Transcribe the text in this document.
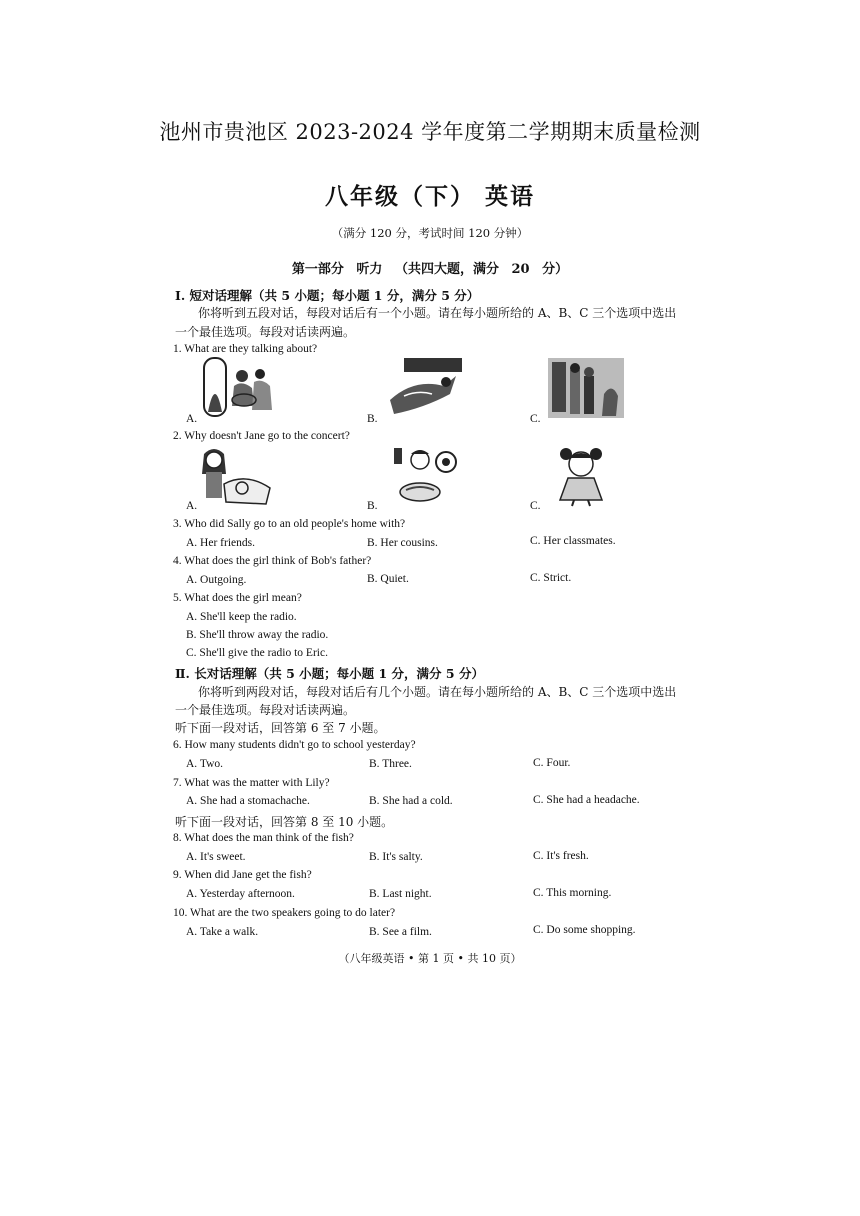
池州市贵池区 2023-2024 学年度第二学期期末质量检测
八年级（下） 英语
（满分 120 分，考试时间 120 分钟）
第一部分 听力 （共四大题，满分 20 分）
Ⅰ. 短对话理解（共 5 小题；每小题 1 分，满分 5 分）
你将听到五段对话，每段对话后有一个小题。请在每小题所给的 A、B、C 三个选项中选出
一个最佳选项。每段对话读两遍。
1. What are they talking about?
A.	B.	C.
2. Why doesn't Jane go to the concert?
A.	B.	C.
3. Who did Sally go to an old people's home with?
A. Her friends.	B. Her cousins.	C. Her classmates.
4. What does the girl think of Bob's father?
A. Outgoing.	B. Quiet.	C. Strict.
5. What does the girl mean?
A. She'll keep the radio.
B. She'll throw away the radio.
C. She'll give the radio to Eric.
Ⅱ. 长对话理解（共 5 小题；每小题 1 分，满分 5 分）
你将听到两段对话，每段对话后有几个小题。请在每小题所给的 A、B、C 三个选项中选出
一个最佳选项。每段对话读两遍。
听下面一段对话，回答第 6 至 7 小题。
6. How many students didn't go to school yesterday?
A. Two.	B. Three.	C. Four.
7. What was the matter with Lily?
A. She had a stomachache.	B. She had a cold.	C. She had a headache.
听下面一段对话，回答第 8 至 10 小题。
8. What does the man think of the fish?
A. It's sweet.	B. It's salty.	C. It's fresh.
9. When did Jane get the fish?
A. Yesterday afternoon.	B. Last night.	C. This morning.
10. What are the two speakers going to do later?
A. Take a walk.	B. See a film.	C. Do some shopping.
（八年级英语 • 第 1 页 • 共 10 页）
